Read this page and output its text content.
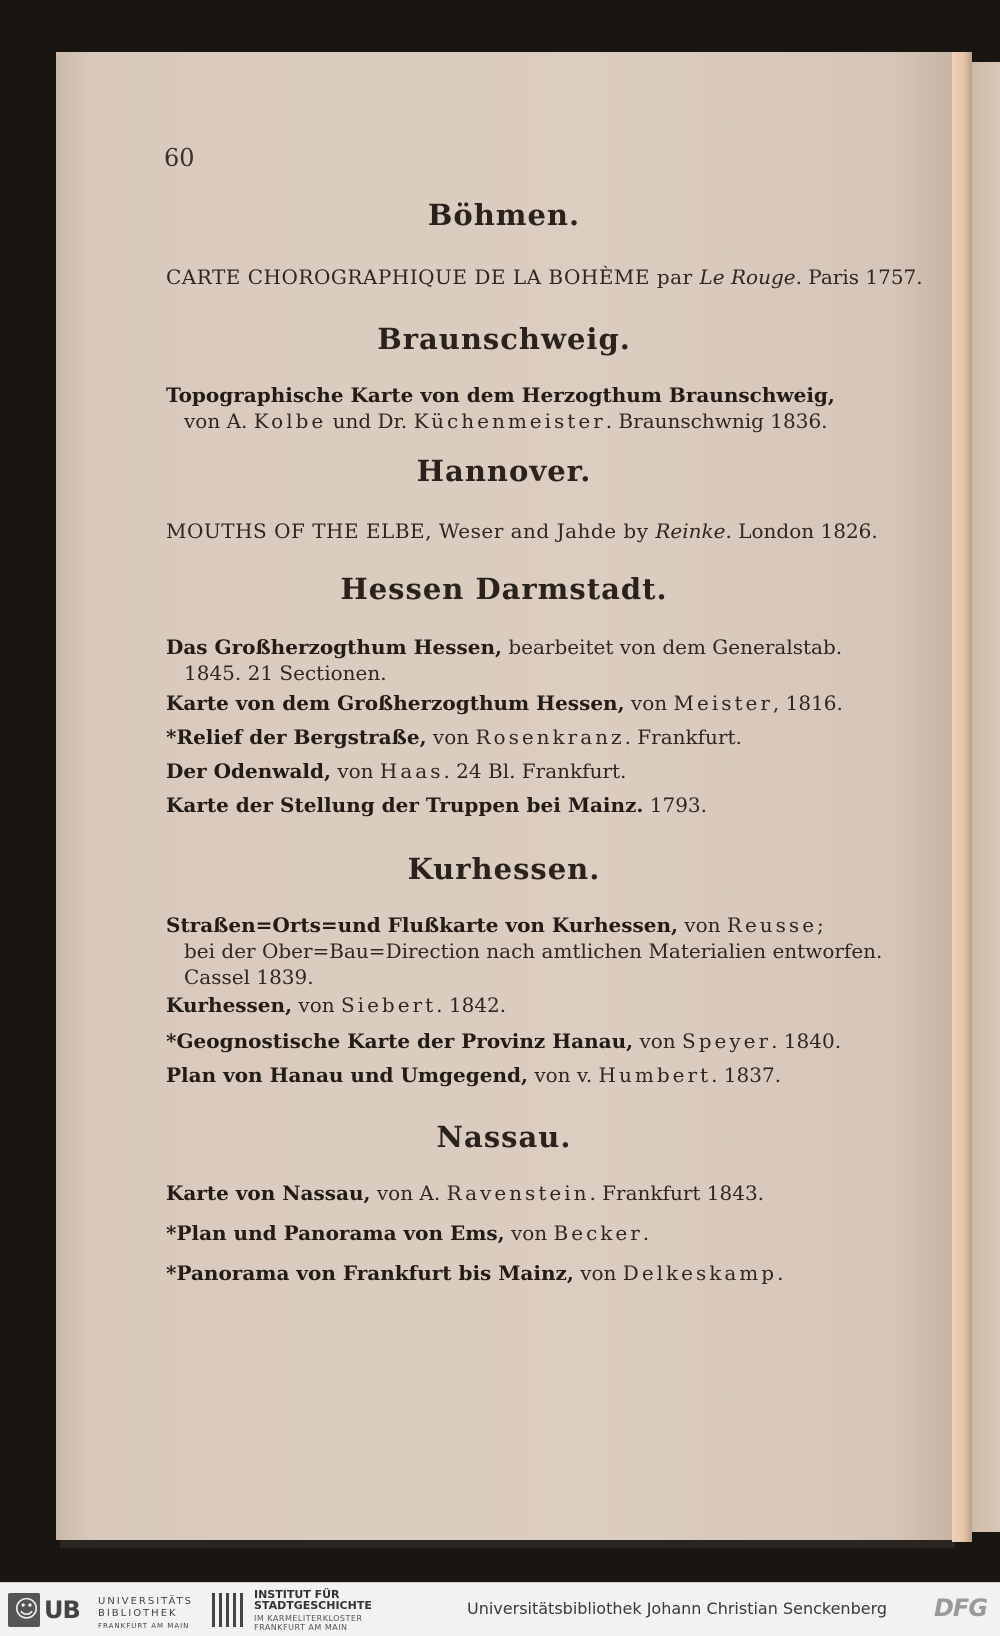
60
Böhmen.
CARTE CHOROGRAPHIQUE DE LA BOHÈME par Le Rouge. Paris 1757.
Braunschweig.
Topographische Karte von dem Herzogthum Braunschweig,
von A. Kolbe und Dr. Küchenmeister. Braunschwnig 1836.
Hannover.
MOUTHS OF THE ELBE, Weser and Jahde by Reinke. London 1826.
Hessen Darmstadt.
Das Großherzogthum Hessen, bearbeitet von dem Generalstab.
1845. 21 Sectionen.
Karte von dem Großherzogthum Hessen, von Meister, 1816.
*Relief der Bergstraße, von Rosenkranz. Frankfurt.
Der Odenwald, von Haas. 24 Bl. Frankfurt.
Karte der Stellung der Truppen bei Mainz. 1793.
Kurhessen.
Straßen=Orts=und Flußkarte von Kurhessen, von Reusse;
bei der Ober=Bau=Direction nach amtlichen Materialien entworfen.
Cassel 1839.
Kurhessen, von Siebert. 1842.
*Geognostische Karte der Provinz Hanau, von Speyer. 1840.
Plan von Hanau und Umgegend, von v. Humbert. 1837.
Nassau.
Karte von Nassau, von A. Ravenstein. Frankfurt 1843.
*Plan und Panorama von Ems, von Becker.
*Panorama von Frankfurt bis Mainz, von Delkeskamp.
☺ UB UNIVERSITÄTS
BIBLIOTHEK
FRANKFURT AM MAIN
INSTITUT FÜR
STADTGESCHICHTE
IM KARMELITERKLOSTER
FRANKFURT AM MAIN
Universitätsbibliothek Johann Christian Senckenberg DFG
